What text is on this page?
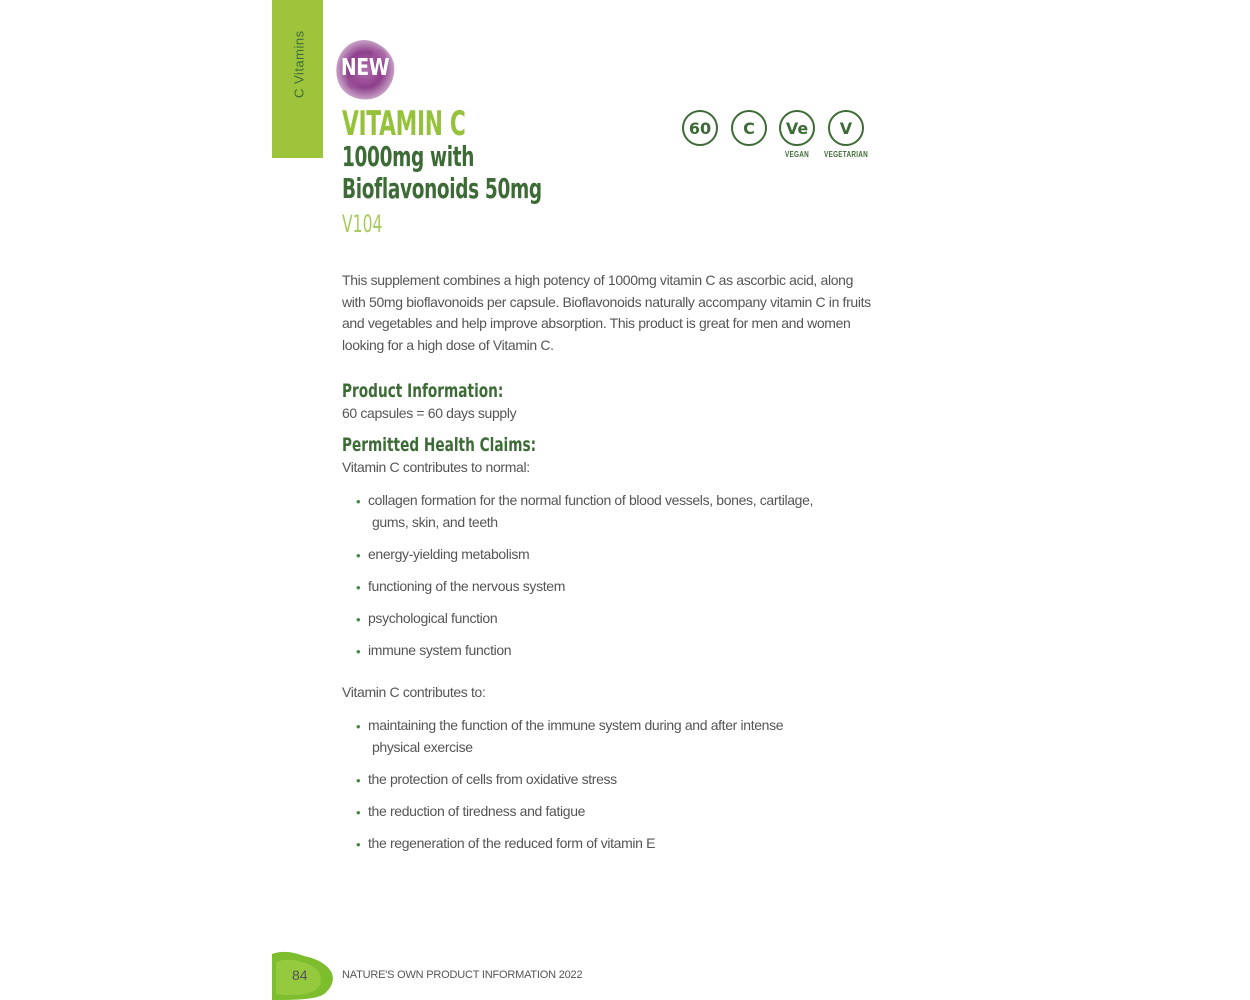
C Vitamins	NEW
VITAMIN C
1000mg with
Bioflavonoids 50mg
V104
60	C	Ve
VEGAN
V
VEGETARIAN
This supplement combines a high potency of 1000mg vitamin C as ascorbic acid, along with 50mg bioflavonoids per capsule. Bioflavonoids naturally accompany vitamin C in fruits and vegetables and help improve absorption. This product is great for men and women looking for a high dose of Vitamin C.
Product Information:
60 capsules = 60 days supply
Permitted Health Claims:
Vitamin C contributes to normal:
• collagen formation for the normal function of blood vessels, bones, cartilage,
gums, skin, and teeth
• energy-yielding metabolism
• functioning of the nervous system
• psychological function
• immune system function
Vitamin C contributes to:
• maintaining the function of the immune system during and after intense
physical exercise
• the protection of cells from oxidative stress
• the reduction of tiredness and fatigue
• the regeneration of the reduced form of vitamin E
84	NATURE'S OWN PRODUCT INFORMATION 2022
